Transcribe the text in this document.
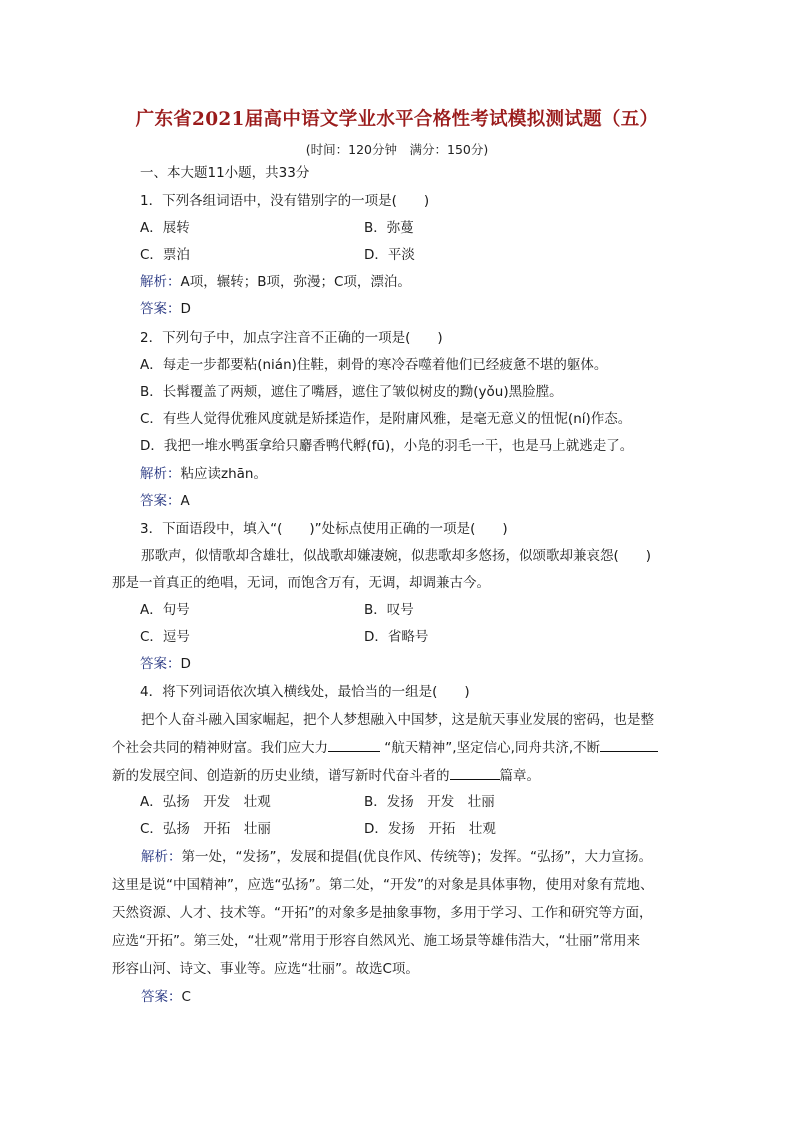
广东省2021届高中语文学业水平合格性考试模拟测试题（五）
(时间：120分钟　满分：150分)
一、本大题11小题，共33分
1．下列各组词语中，没有错别字的一项是(　　)
A．展转	B．弥蔓
C．票泊	D．平淡
解析：A项，辗转；B项，弥漫；C项，漂泊。
答案：D
2．下列句子中，加点字注音不正确的一项是(　　)
A．每走一步都要粘(nián)住鞋，刺骨的寒冷吞噬着他们已经疲惫不堪的躯体。
B．长髯覆盖了两颊，遮住了嘴唇，遮住了皱似树皮的黝(yǒu)黑脸膛。
C．有些人觉得优雅风度就是矫揉造作，是附庸风雅，是毫无意义的忸怩(ní)作态。
D．我把一堆水鸭蛋拿给只麝香鸭代孵(fū)，小凫的羽毛一干，也是马上就逃走了。
解析：粘应读zhān。
答案：A
3．下面语段中，填入“(　　)”处标点使用正确的一项是(　　)
那歌声，似情歌却含雄壮，似战歌却嫌凄婉，似悲歌却多悠扬，似颂歌却兼哀怨(　　)
那是一首真正的绝唱，无词，而饱含万有，无调，却调兼古今。
A．句号	B．叹号
C．逗号	D．省略号
答案：D
4．将下列词语依次填入横线处，最恰当的一组是(　　)
把个人奋斗融入国家崛起，把个人梦想融入中国梦，这是航天事业发展的密码，也是整
个社会共同的精神财富。我们应大力	“航天精神”,坚定信心,同舟共济,不断
新的发展空间、创造新的历史业绩，谱写新时代奋斗者的	篇章。
A．弘扬　开发　壮观	B．发扬　开发　壮丽
C．弘扬　开拓　壮丽	D．发扬　开拓　壮观
解析：第一处，“发扬”，发展和提倡(优良作风、传统等)；发挥。“弘扬”，大力宣扬。
这里是说“中国精神”，应选“弘扬”。第二处，“开发”的对象是具体事物，使用对象有荒地、
天然资源、人才、技术等。“开拓”的对象多是抽象事物，多用于学习、工作和研究等方面，
应选“开拓”。第三处，“壮观”常用于形容自然风光、施工场景等雄伟浩大，“壮丽”常用来
形容山河、诗文、事业等。应选“壮丽”。故选C项。
答案：C
